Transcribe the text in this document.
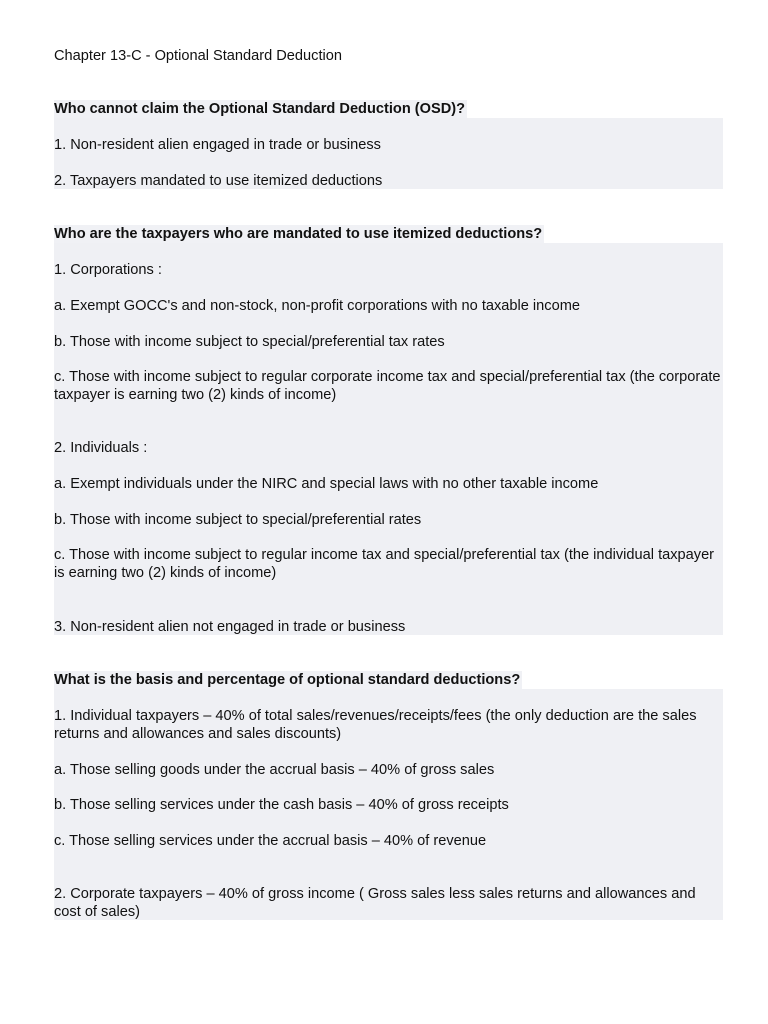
Chapter 13-C - Optional Standard Deduction
Who cannot claim the Optional Standard Deduction (OSD)?
1. Non-resident alien engaged in trade or business
2. Taxpayers mandated to use itemized deductions
Who are the taxpayers who are mandated to use itemized deductions?
1. Corporations :
a. Exempt GOCC's and non-stock, non-profit corporations with no taxable income
b. Those with income subject to special/preferential tax rates
c. Those with income subject to regular corporate income tax and special/preferential tax (the corporate taxpayer is earning two (2) kinds of income)
2. Individuals :
a. Exempt individuals under the NIRC and special laws with no other taxable income
b. Those with income subject to special/preferential rates
c. Those with income subject to regular income tax and special/preferential tax (the individual taxpayer is earning two (2) kinds of income)
3. Non-resident alien not engaged in trade or business
What is the basis and percentage of optional standard deductions?
1. Individual taxpayers – 40% of total sales/revenues/receipts/fees (the only deduction are the sales returns and allowances and sales discounts)
a. Those selling goods under the accrual basis – 40% of gross sales
b. Those selling services under the cash basis – 40% of gross receipts
c. Those selling services under the accrual basis – 40% of revenue
2. Corporate taxpayers – 40% of gross income ( Gross sales less sales returns and allowances and cost of sales)
